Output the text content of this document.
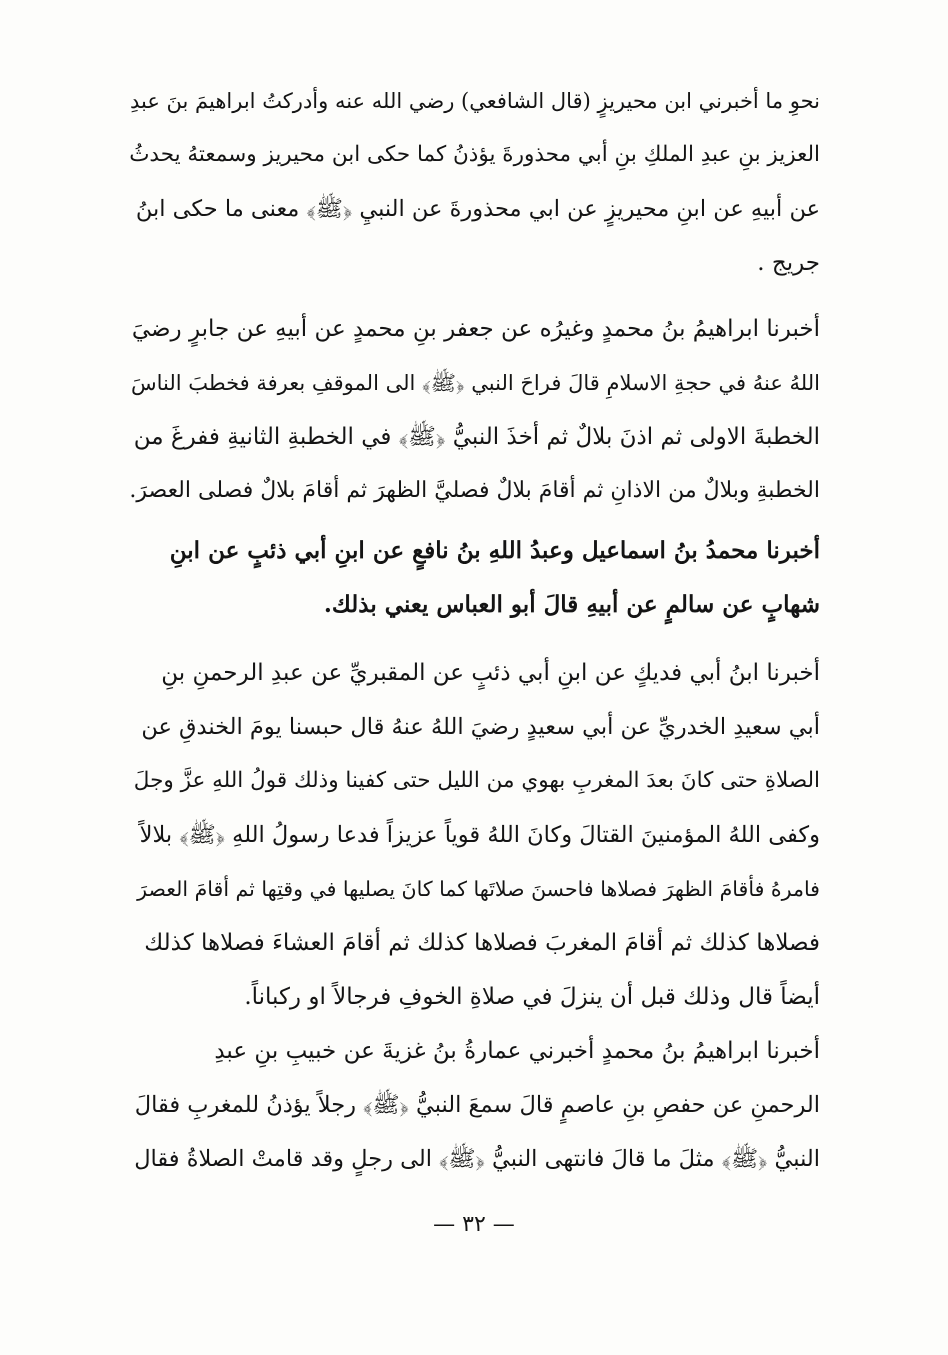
نحوِ ما أخبرني ابن محيريزٍ (قال الشافعي) رضي الله عنه وأدركتُ ابراهيمَ بنَ عبدِ
العزيز بنِ عبدِ الملكِ بنِ أبي محذورةَ يؤذنُ كما حكى ابن محيريز وسمعتهُ يحدثُ
عن أبيهِ عن ابنِ محيريزٍ عن ابي محذورةَ عن النبيِ ﴿ﷺ﴾ معنى ما حكى ابنُ
جريج .
أخبرنا ابراهيمُ بنُ محمدٍ وغيرُه عن جعفر بنِ محمدٍ عن أبيهِ عن جابرٍ رضيَ
اللهُ عنهُ في حجةِ الاسلامِ قالَ فراحَ النبي ﴿ﷺ﴾ الى الموقفِ بعرفة فخطبَ الناسَ
الخطبةَ الاولى ثم اذنَ بلالٌ ثم أخذَ النبيُّ ﴿ﷺ﴾ في الخطبةِ الثانيةِ ففرغَ من
الخطبةِ وبلالٌ من الاذانِ ثم أقامَ بلالٌ فصليَّ الظهرَ ثم أقامَ بلالٌ فصلى العصرَ.
أخبرنا محمدُ بنُ اسماعيل وعبدُ اللهِ بنُ نافعٍ عن ابنِ أبي ذئبٍ عن ابنِ
شهابٍ عن سالمٍ عن أبيهِ قالَ أبو العباس يعني بذلك.
أخبرنا ابنُ أبي فديكٍ عن ابنِ أبي ذئبٍ عن المقبريِّ عن عبدِ الرحمنِ بنِ
أبي سعيدِ الخدريِّ عن أبي سعيدٍ رضيَ اللهُ عنهُ قال حبسنا يومَ الخندقِ عن
الصلاةِ حتى كانَ بعدَ المغربِ بهوي من الليل حتى كفينا وذلك قولُ اللهِ عزَّ وجلَ
وكفى اللهُ المؤمنينَ القتالَ وكانَ اللهُ قوياً عزيزاً فدعا رسولُ اللهِ ﴿ﷺ﴾ بلالاً
فامرهُ فأقامَ الظهرَ فصلاها فاحسنَ صلاتَها كما كانَ يصليها في وقتِها ثم أقامَ العصرَ
فصلاها كذلك ثم أقامَ المغربَ فصلاها كذلك ثم أقامَ العشاءَ فصلاها كذلك
أيضاً قال وذلك قبل أن ينزلَ في صلاةِ الخوفِ فرجالاً او ركباناً.
أخبرنا ابراهيمُ بنُ محمدٍ أخبرني عمارةُ بنُ غزيةَ عن خبيبِ بنِ عبدِ
الرحمنِ عن حفصِ بنِ عاصمٍ قالَ سمعَ النبيُّ ﴿ﷺ﴾ رجلاً يؤذنُ للمغربِ فقالَ
النبيُّ ﴿ﷺ﴾ مثلَ ما قالَ فانتهى النبيُّ ﴿ﷺ﴾ الى رجلٍ وقد قامتْ الصلاةُ فقال
— ٣٢ —
